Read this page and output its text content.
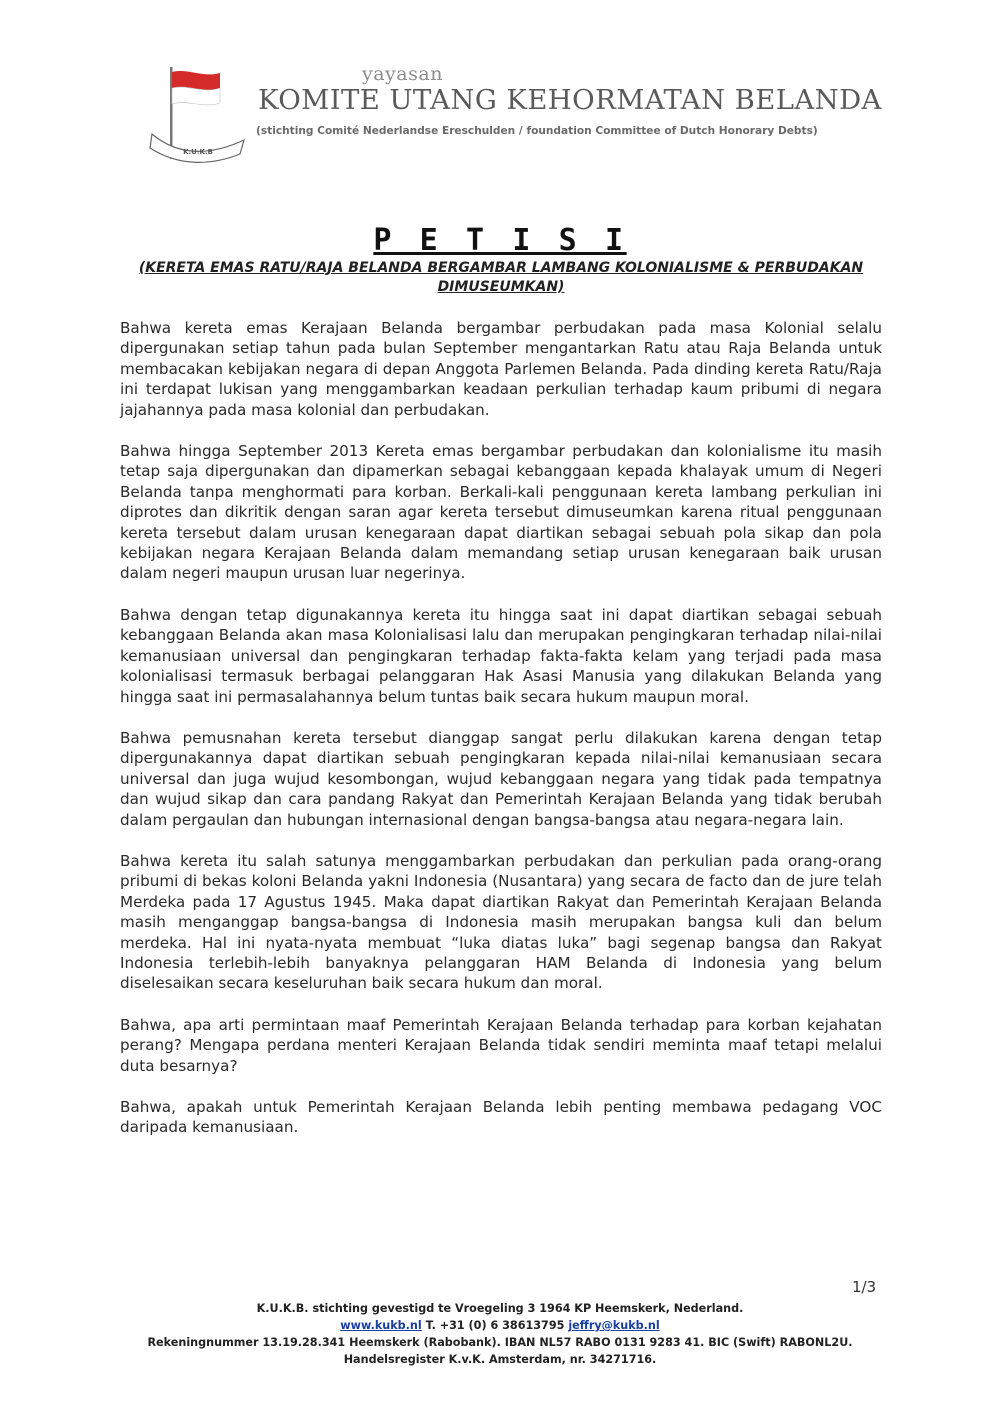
K.U.K.B
yayasan
KOMITE UTANG KEHORMATAN BELANDA
(stichting Comité Nederlandse Ereschulden / foundation Committee of Dutch Honorary Debts)
P E T I S I
(KERETA EMAS RATU/RAJA BELANDA BERGAMBAR LAMBANG KOLONIALISME & PERBUDAKAN DIMUSEUMKAN)

Bahwa kereta emas Kerajaan Belanda bergambar perbudakan pada masa Kolonial selalu dipergunakan setiap tahun pada bulan September mengantarkan Ratu atau Raja Belanda untuk membacakan kebijakan negara di depan Anggota Parlemen Belanda. Pada dinding kereta Ratu/Raja ini terdapat lukisan yang menggambarkan keadaan perkulian terhadap kaum pribumi di negara jajahannya pada masa kolonial dan perbudakan.

Bahwa hingga September 2013 Kereta emas bergambar perbudakan dan kolonialisme itu masih tetap saja dipergunakan dan dipamerkan sebagai kebanggaan kepada khalayak umum di Negeri Belanda tanpa menghormati para korban. Berkali-kali penggunaan kereta lambang perkulian ini diprotes dan dikritik dengan saran agar kereta tersebut dimuseumkan karena ritual penggunaan kereta tersebut dalam urusan kenegaraan dapat diartikan sebagai sebuah pola sikap dan pola kebijakan negara Kerajaan Belanda dalam memandang setiap urusan kenegaraan baik urusan dalam negeri maupun urusan luar negerinya.

Bahwa dengan tetap digunakannya kereta itu hingga saat ini dapat diartikan sebagai sebuah kebanggaan Belanda akan masa Kolonialisasi lalu dan merupakan pengingkaran terhadap nilai-nilai kemanusiaan universal dan pengingkaran terhadap fakta-fakta kelam yang terjadi pada masa kolonialisasi termasuk berbagai pelanggaran Hak Asasi Manusia yang dilakukan Belanda yang hingga saat ini permasalahannya belum tuntas baik secara hukum maupun moral.

Bahwa pemusnahan kereta tersebut dianggap sangat perlu dilakukan karena dengan tetap dipergunakannya dapat diartikan sebuah pengingkaran kepada nilai-nilai kemanusiaan secara universal dan juga wujud kesombongan, wujud kebanggaan negara yang tidak pada tempatnya dan wujud sikap dan cara pandang Rakyat dan Pemerintah Kerajaan Belanda yang tidak berubah dalam pergaulan dan hubungan internasional dengan bangsa-bangsa atau negara-negara lain.

Bahwa kereta itu salah satunya menggambarkan perbudakan dan perkulian pada orang-orang pribumi di bekas koloni Belanda yakni Indonesia (Nusantara) yang secara de facto dan de jure telah Merdeka pada 17 Agustus 1945. Maka dapat diartikan Rakyat dan Pemerintah Kerajaan Belanda masih menganggap bangsa-bangsa di Indonesia masih merupakan bangsa kuli dan belum merdeka. Hal ini nyata-nyata membuat “luka diatas luka” bagi segenap bangsa dan Rakyat Indonesia terlebih-lebih banyaknya pelanggaran HAM Belanda di Indonesia yang belum diselesaikan secara keseluruhan baik secara hukum dan moral.

Bahwa, apa arti permintaan maaf Pemerintah Kerajaan Belanda terhadap para korban kejahatan perang? Mengapa perdana menteri Kerajaan Belanda tidak sendiri meminta maaf tetapi melalui duta besarnya?

Bahwa, apakah untuk Pemerintah Kerajaan Belanda lebih penting membawa pedagang VOC daripada kemanusiaan.

1/3
K.U.K.B. stichting gevestigd te Vroegeling 3 1964 KP Heemskerk, Nederland.
www.kukb.nl T. +31 (0) 6 38613795 jeffry@kukb.nl
Rekeningnummer 13.19.28.341 Heemskerk (Rabobank). IBAN NL57 RABO 0131 9283 41. BIC (Swift) RABONL2U.
Handelsregister K.v.K. Amsterdam, nr. 34271716.
